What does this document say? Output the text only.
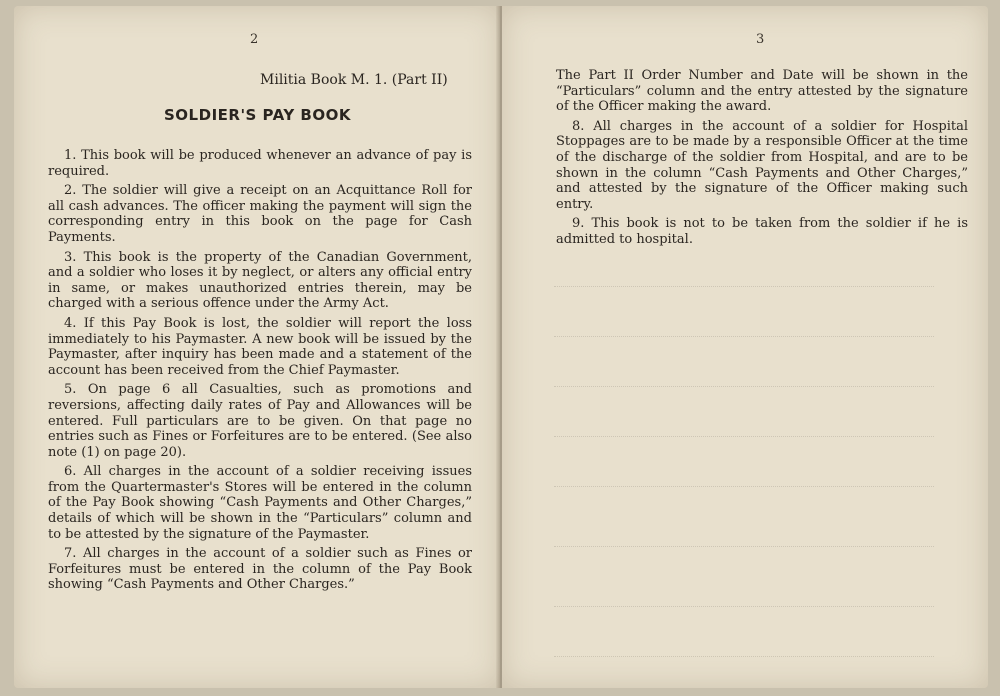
2
Militia Book M. 1. (Part II)
SOLDIER'S PAY BOOK

1. This book will be produced whenever an advance of pay is required.

2. The soldier will give a receipt on an Acquittance Roll for all cash advances. The officer making the payment will sign the corresponding entry in this book on the page for Cash Payments.

3. This book is the property of the Canadian Government, and a soldier who loses it by neglect, or alters any official entry in same, or makes unauthorized entries therein, may be charged with a serious offence under the Army Act.

4. If this Pay Book is lost, the soldier will report the loss immediately to his Paymaster. A new book will be issued by the Paymaster, after inquiry has been made and a statement of the account has been received from the Chief Paymaster.

5. On page 6 all Casualties, such as promotions and reversions, affecting daily rates of Pay and Allowances will be entered. Full particulars are to be given. On that page no entries such as Fines or Forfeitures are to be entered. (See also note (1) on page 20).

6. All charges in the account of a soldier receiving issues from the Quartermaster's Stores will be entered in the column of the Pay Book showing “Cash Payments and Other Charges,” details of which will be shown in the “Particulars” column and to be attested by the signature of the Paymaster.

7. All charges in the account of a soldier such as Fines or Forfeitures must be entered in the column of the Pay Book showing “Cash Payments and Other Charges.”

3

The Part II Order Number and Date will be shown in the “Particulars” column and the entry attested by the signature of the Officer making the award.

8. All charges in the account of a soldier for Hospital Stoppages are to be made by a responsible Officer at the time of the discharge of the soldier from Hospital, and are to be shown in the column “Cash Payments and Other Charges,” and attested by the signature of the Officer making such entry.

9. This book is not to be taken from the soldier if he is admitted to hospital.
